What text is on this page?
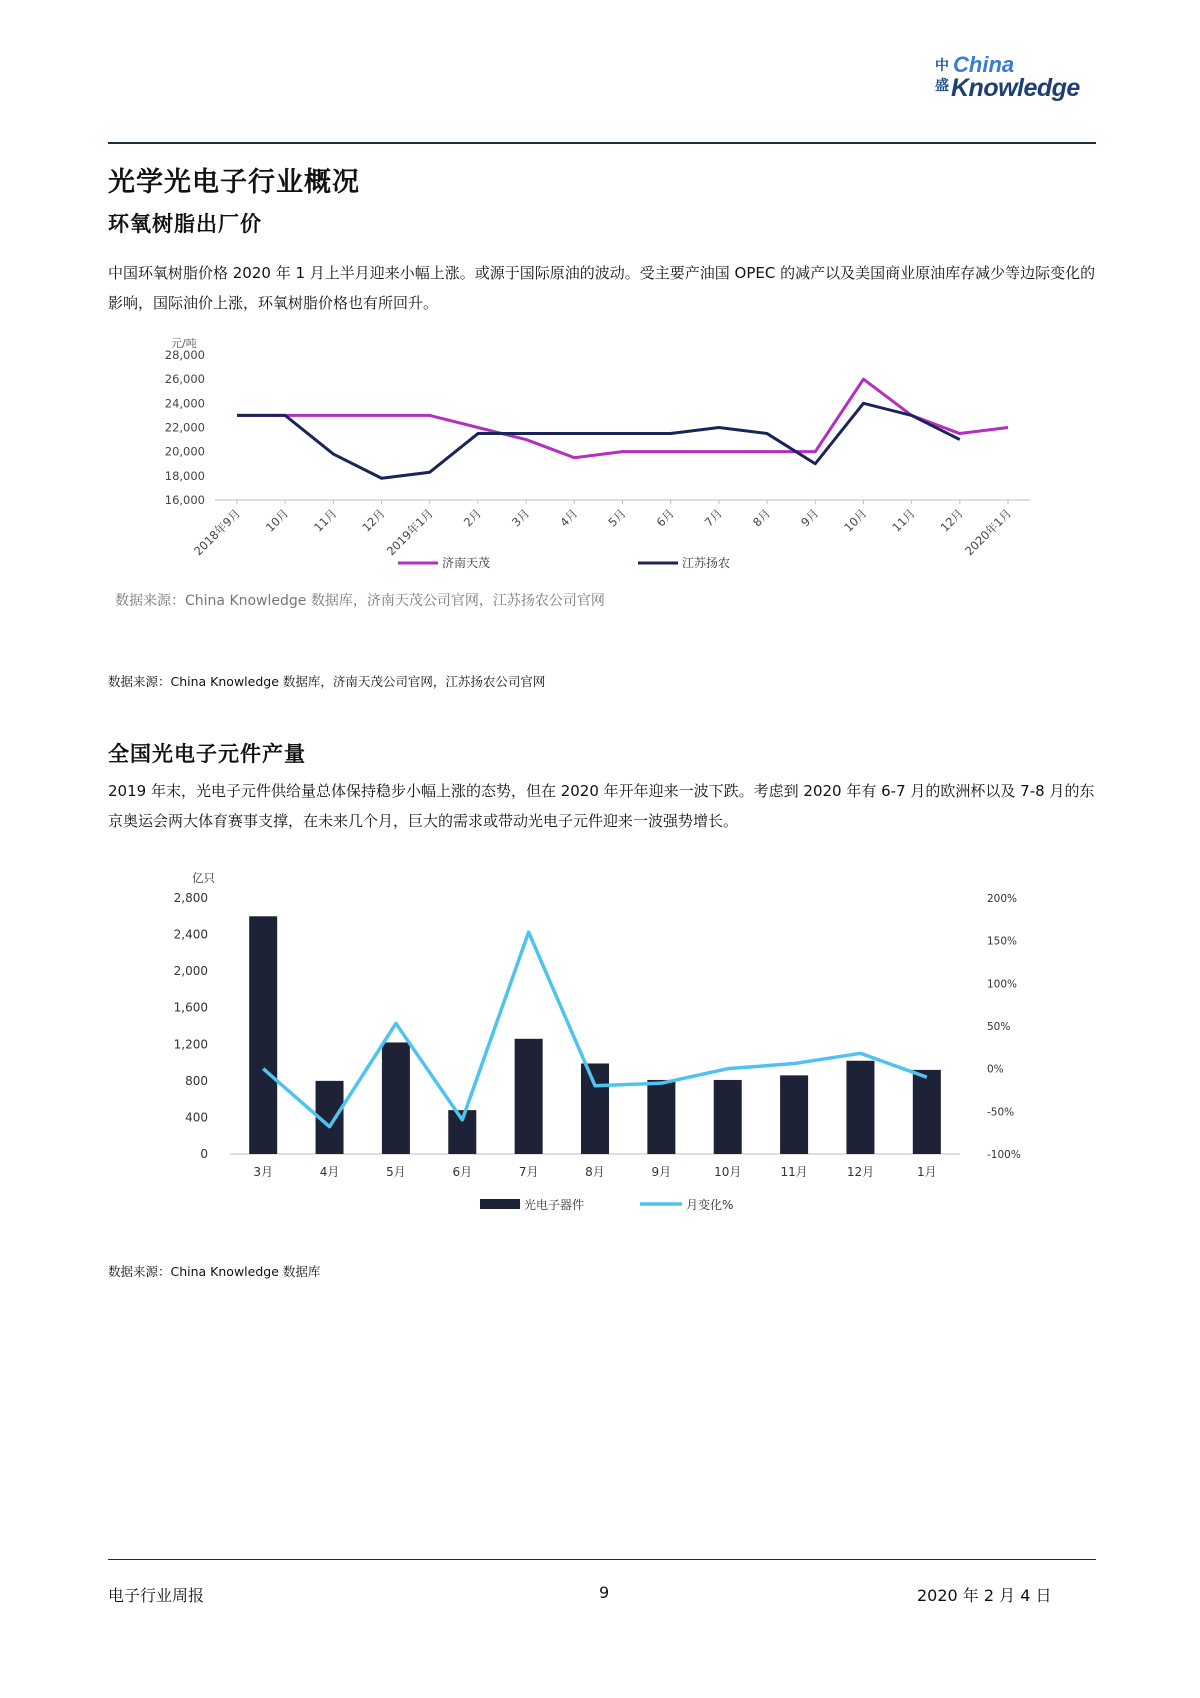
中
盛
China
Knowledge
光学光电子行业概况
环氧树脂出厂价
中国环氧树脂价格 2020 年 1 月上半月迎来小幅上涨。或源于国际原油的波动。受主要产油国 OPEC 的减产以及美国商业原油库存减少等边际变化的影响，国际油价上涨，环氧树脂价格也有所回升。
元/吨
16,000
18,000
20,000
22,000
24,000
26,000
28,000
2018年9月 10月 11月 12月
2019年1月 2月 3月 4月 5月 6月 7月 8月 9月 10月 11月 12月
2020年1月
济南天茂	江苏扬农
数据来源：China Knowledge 数据库，济南天茂公司官网，江苏扬农公司官网
数据来源：China Knowledge 数据库，济南天茂公司官网，江苏扬农公司官网
全国光电子元件产量
2019 年末，光电子元件供给量总体保持稳步小幅上涨的态势，但在 2020 年开年迎来一波下跌。考虑到 2020 年有 6-7 月的欧洲杯以及 7-8 月的东京奥运会两大体育赛事支撑，在未来几个月，巨大的需求或带动光电子元件迎来一波强势增长。
亿只
0
400
800
1,200
1,600
2,000
2,400
2,800
-100%
-50%
0%
50%
100%
150%
200%
3月	4月	5月	6月	7月	8月	9月	10月	11月	12月	1月
光电子器件	月变化%
数据来源：China Knowledge 数据库
电子行业周报	9	2020 年 2 月 4 日
